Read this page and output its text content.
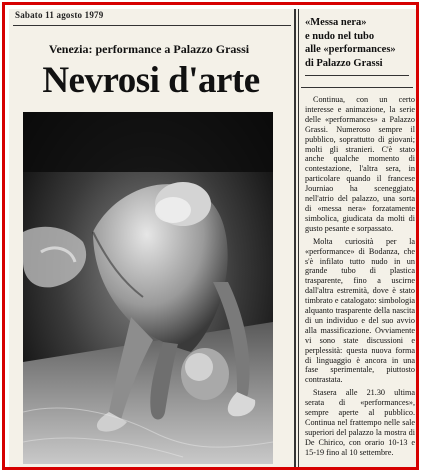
Sabato 11 agosto 1979
Venezia: performance a Palazzo Grassi
Nevrosi d'arte
«Messa nera»
e nudo nel tubo
alle «performances»
di Palazzo Grassi

Continua, con un certo interesse e animazione, la serie delle «performances» a Palazzo Grassi. Numeroso sempre il pubblico, soprattutto di giovani; molti gli stranieri. C'è stato anche qualche momento di contestazione, l'altra sera, in particolare quando il francese Journiao ha sceneggiato, nell'atrio del palazzo, una sorta di «messa nera» forzatamente simbolica, giudicata da molti di gusto pesante e sorpassato.

Molta curiosità per la «performance» di Bodanza, che s'è infilato tutto nudo in un grande tubo di plastica trasparente, fino a uscirne dall'altra estremità, dove è stato timbrato e catalogato: simbologia alquanto trasparente della nascita di un individuo e del suo avvio alla massificazione. Ovviamente vi sono state discussioni e perplessità: questa nuova forma di linguaggio è ancora in una fase sperimentale, piuttosto contrastata.

Stasera alle 21.30 ultima serata di «performances», sempre aperte al pubblico. Continua nel frattempo nelle sale superiori del palazzo la mostra di De Chirico, con orario 10-13 e 15-19 fino al 10 settembre.
